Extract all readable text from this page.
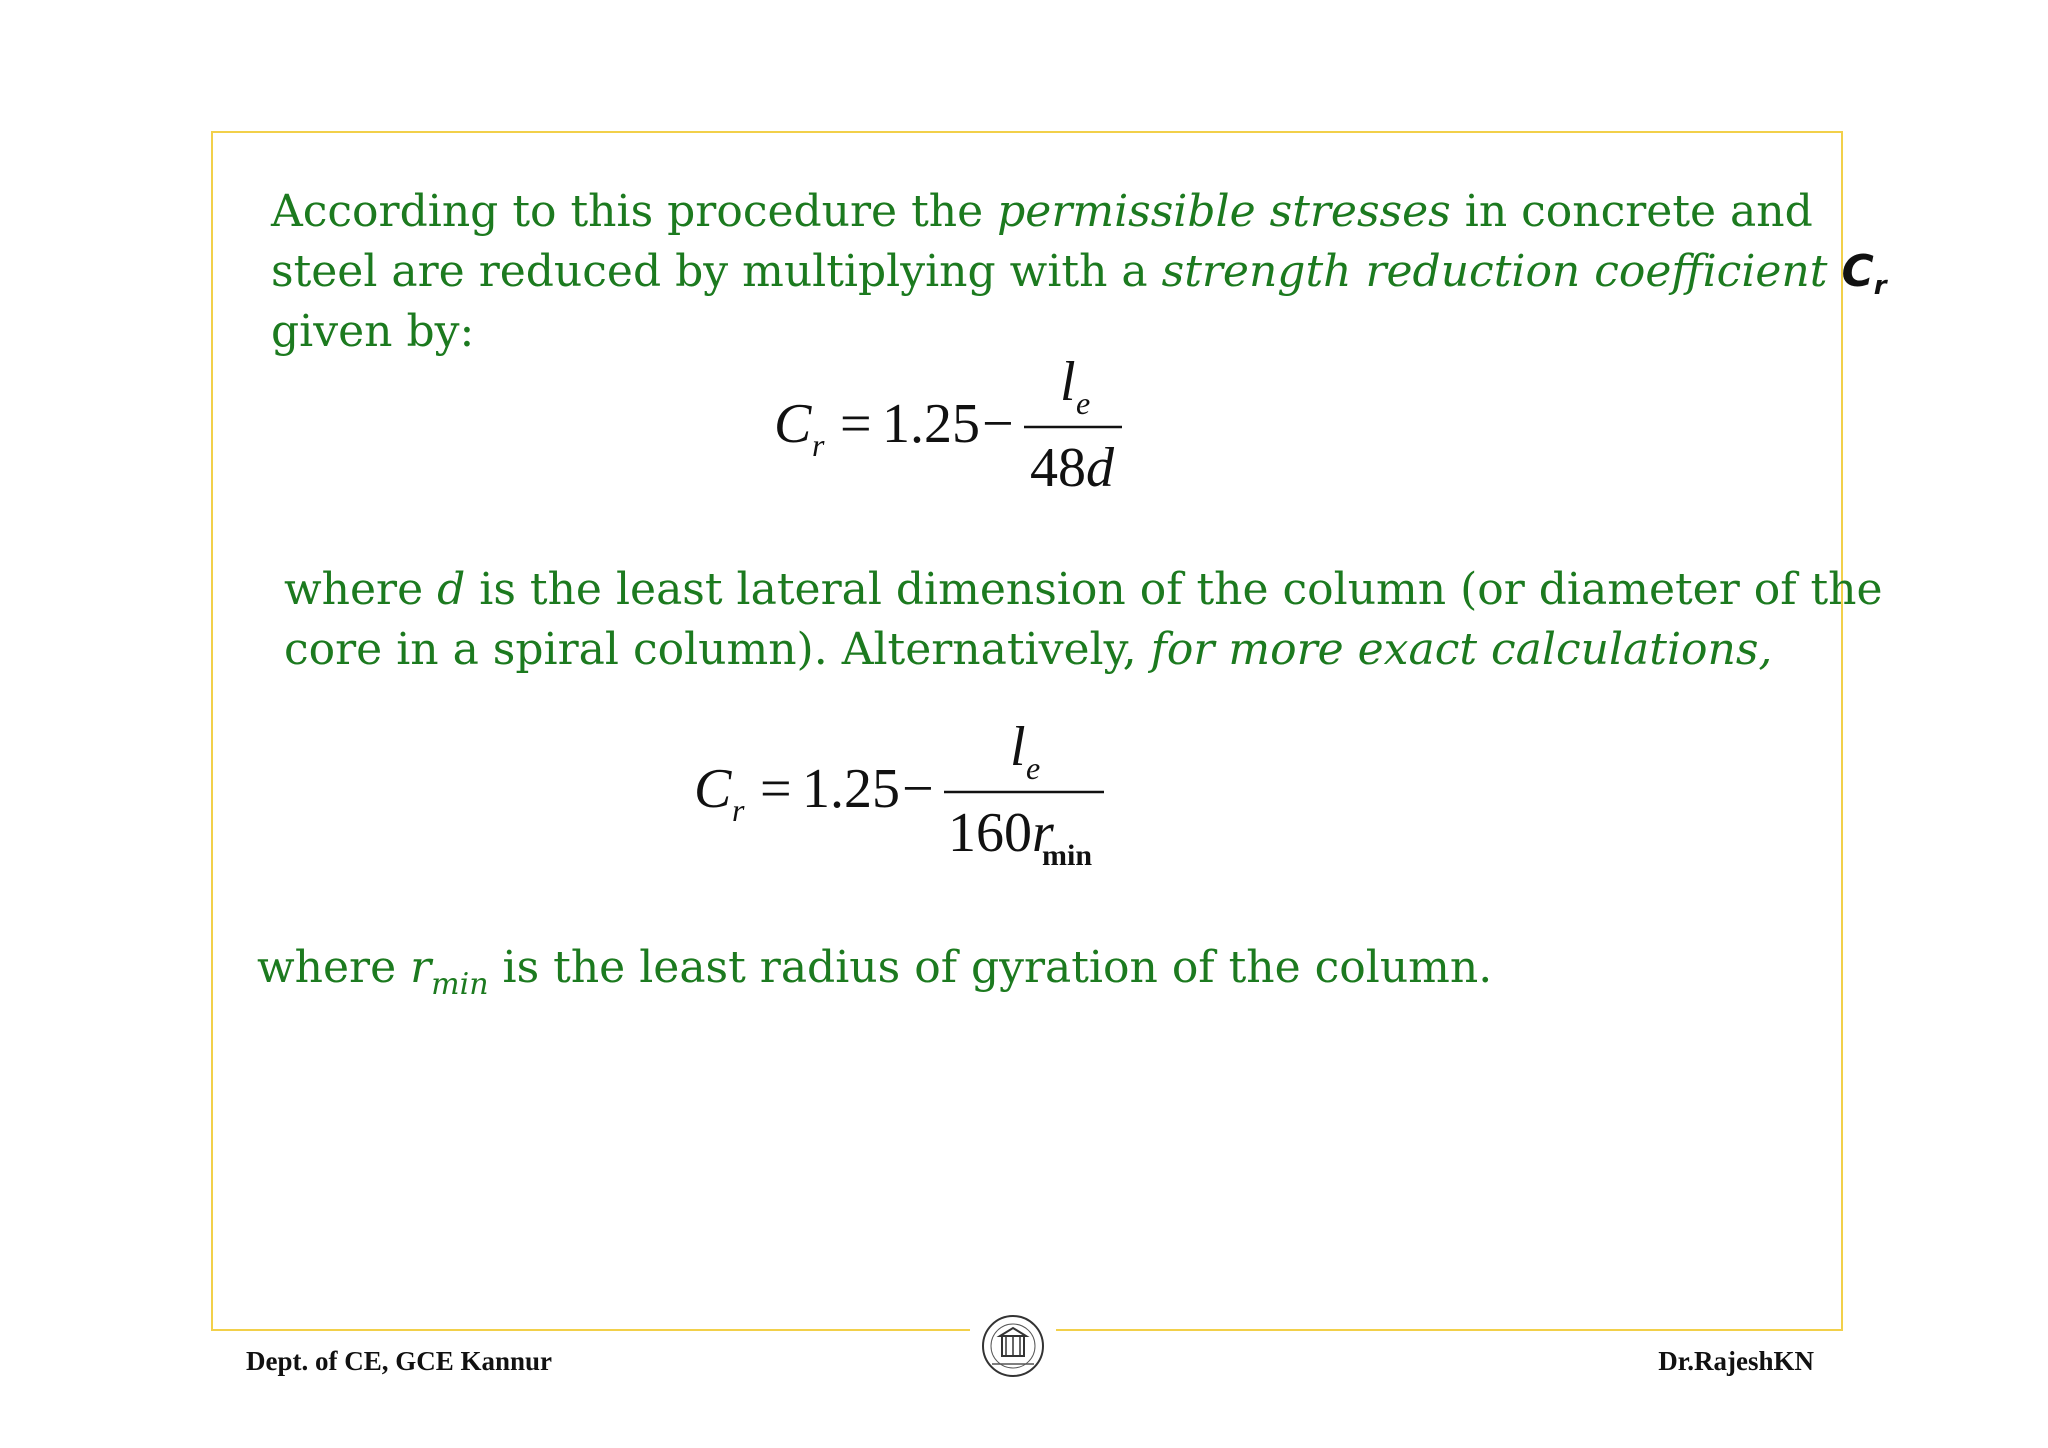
According to this procedure the permissible stresses in concrete and
steel are reduced by multiplying with a strength reduction coefficient $C_r$
given by:
C r = 1.25 −
l e
48 d
where d is the least lateral dimension of the column (or diameter of the
core in a spiral column). Alternatively, for more exact calculations,
C r = 1.25 −
l e
160 r
min
where $r_{min}$ is the least radius of gyration of the column.
Dept. of CE, GCE Kannur	Dr.RajeshKN
